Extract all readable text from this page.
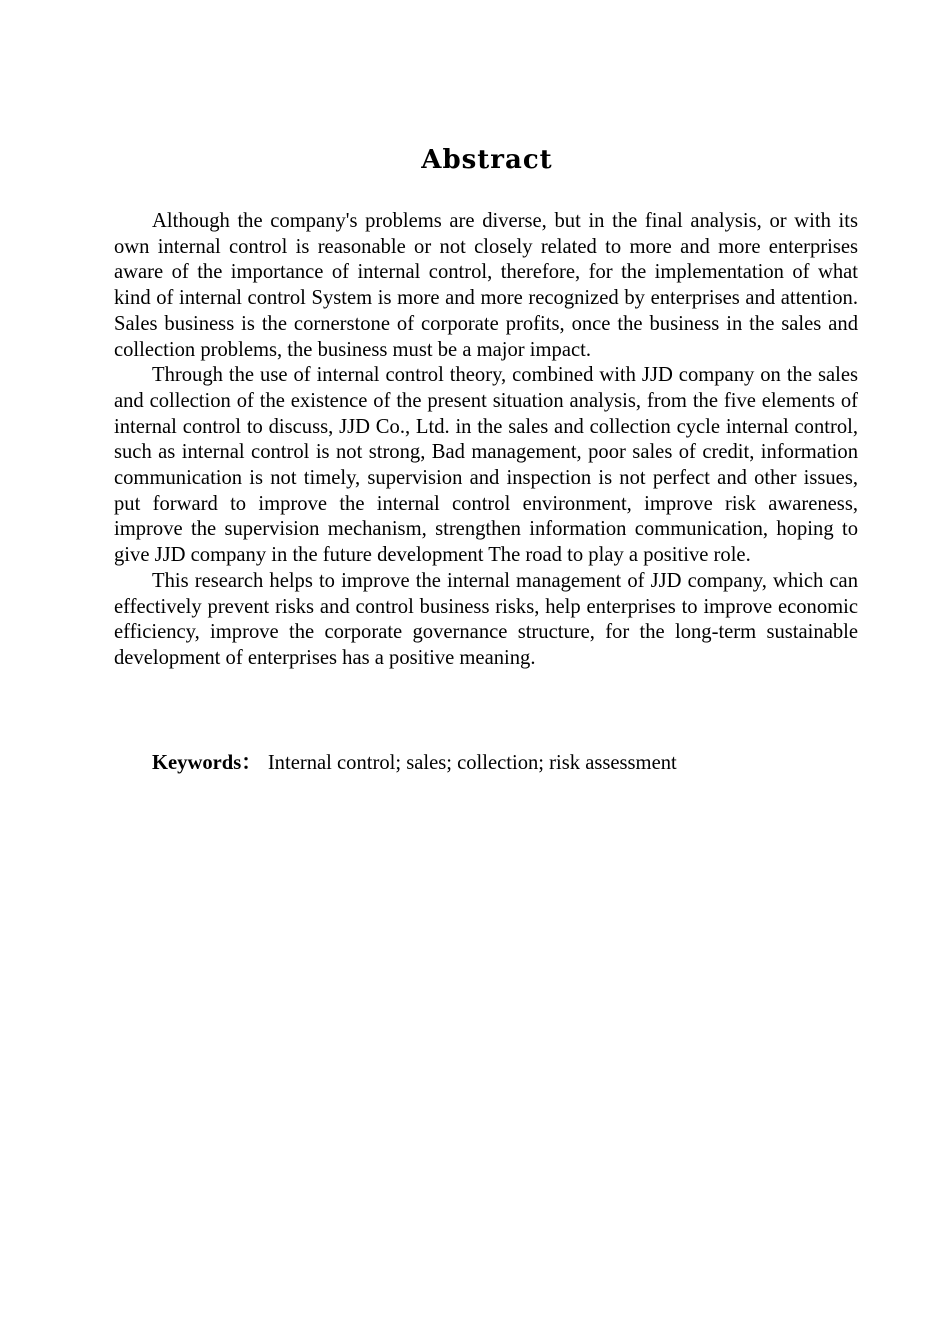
Abstract

Although the company's problems are diverse, but in the final analysis, or with its own internal control is reasonable or not closely related to more and more enterprises aware of the importance of internal control, therefore, for the implementation of what kind of internal control System is more and more recognized by enterprises and attention. Sales business is the cornerstone of corporate profits, once the business in the sales and collection problems, the business must be a major impact.

Through the use of internal control theory, combined with JJD company on the sales and collection of the existence of the present situation analysis, from the five elements of internal control to discuss, JJD Co., Ltd. in the sales and collection cycle internal control, such as internal control is not strong, Bad management, poor sales of credit, information communication is not timely, supervision and inspection is not perfect and other issues, put forward to improve the internal control environment, improve risk awareness, improve the supervision mechanism, strengthen information communication, hoping to give JJD company in the future development The road to play a positive role.

This research helps to improve the internal management of JJD company, which can effectively prevent risks and control business risks, help enterprises to improve economic efficiency, improve the corporate governance structure, for the long-term sustainable development of enterprises has a positive meaning.

Keywords： Internal control; sales; collection; risk assessment
